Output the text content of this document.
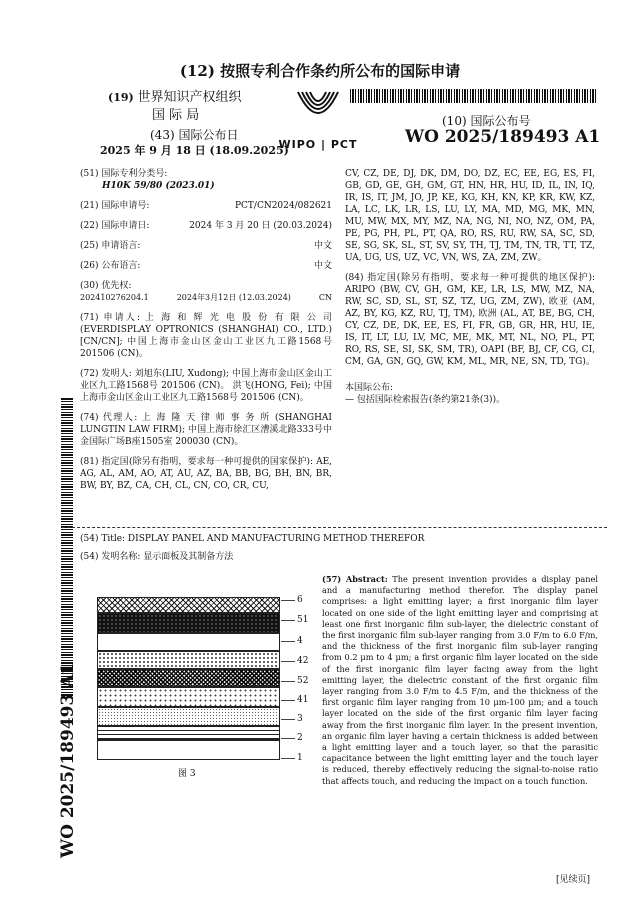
(12) 按照专利合作条约所公布的国际申请
(19) 世界知识产权组织
国 际 局
(43) 国际公布日
2025 年 9 月 18 日 (18.09.2025)
WIPO | PCT
(10) 国际公布号
WO 2025/189493 A1
WO 2025/189493 A1
(51) 国际专利分类号:
H10K 59/80 (2023.01)
(21) 国际申请号:	PCT/CN2024/082621
(22) 国际申请日:	2024 年 3 月 20 日 (20.03.2024)
(25) 申请语言:	中文
(26) 公布语言:	中文
(30) 优先权:
202410276204.1	2024年3月12日 (12.03.2024)	CN
(71) 申请人: 上 海 和 辉 光 电 股 份 有 限 公 司(EVERDISPLAY OPTRONICS (SHANGHAI) CO., LTD.) [CN/CN]; 中国上海市金山区金山工业区九工路1568号 201506 (CN)。
(72) 发明人: 刘旭东(LIU, Xudong); 中国上海市金山区金山工业区九工路1568号 201506 (CN)。 洪飞(HONG, Fei); 中国上海市金山区金山工业区九工路1568号 201506 (CN)。
(74) 代理人: 上 海 隆 天 律 师 事 务 所 (SHANGHAI LUNGTIN LAW FIRM); 中国上海市徐汇区漕溪北路333号中金国际广场B座1505室 200030 (CN)。
(81) 指定国(除另有指明，要求每一种可提供的国家保护): AE, AG, AL, AM, AO, AT, AU, AZ, BA, BB, BG, BH, BN, BR, BW, BY, BZ, CA, CH, CL, CN, CO, CR, CU,
CV, CZ, DE, DJ, DK, DM, DO, DZ, EC, EE, EG, ES, FI, GB, GD, GE, GH, GM, GT, HN, HR, HU, ID, IL, IN, IQ, IR, IS, IT, JM, JO, JP, KE, KG, KH, KN, KP, KR, KW, KZ, LA, LC, LK, LR, LS, LU, LY, MA, MD, MG, MK, MN, MU, MW, MX, MY, MZ, NA, NG, NI, NO, NZ, OM, PA, PE, PG, PH, PL, PT, QA, RO, RS, RU, RW, SA, SC, SD, SE, SG, SK, SL, ST, SV, SY, TH, TJ, TM, TN, TR, TT, TZ, UA, UG, US, UZ, VC, VN, WS, ZA, ZM, ZW。
(84) 指定国(除另有指明，要求每一种可提供的地区保护): ARIPO (BW, CV, GH, GM, KE, LR, LS, MW, MZ, NA, RW, SC, SD, SL, ST, SZ, TZ, UG, ZM, ZW), 欧亚 (AM, AZ, BY, KG, KZ, RU, TJ, TM), 欧洲 (AL, AT, BE, BG, CH, CY, CZ, DE, DK, EE, ES, FI, FR, GB, GR, HR, HU, IE, IS, IT, LT, LU, LV, MC, ME, MK, MT, NL, NO, PL, PT, RO, RS, SE, SI, SK, SM, TR), OAPI (BF, BJ, CF, CG, CI, CM, GA, GN, GQ, GW, KM, ML, MR, NE, SN, TD, TG)。
本国际公布:
— 包括国际检索报告(条约第21条(3))。
(54) Title: DISPLAY PANEL AND MANUFACTURING METHOD THEREFOR
(54) 发明名称: 显示面板及其制备方法
6
51
4
42
52
41
3
2
1
图 3
(57) Abstract: The present invention provides a display panel and a manufacturing method therefor. The display panel comprises: a light emitting layer; a first inorganic film layer located on one side of the light emitting layer and comprising at least one first inorganic film sub-layer, the dielectric constant of the first inorganic film sub-layer ranging from 3.0 F/m to 6.0 F/m, and the thickness of the first inorganic film sub-layer ranging from 0.2 μm to 4 μm; a first organic film layer located on the side of the first inorganic film layer facing away from the light emitting layer, the dielectric constant of the first organic film layer ranging from 3.0 F/m to 4.5 F/m, and the thickness of the first organic film layer ranging from 10 μm-100 μm; and a touch layer located on the side of the first organic film layer facing away from the first inorganic film layer. In the present invention, an organic film layer having a certain thickness is added between a light emitting layer and a touch layer, so that the parasitic capacitance between the light emitting layer and the touch layer is reduced, thereby effectively reducing the signal-to-noise ratio that affects touch, and reducing the impact on a touch function.
[见续页]
